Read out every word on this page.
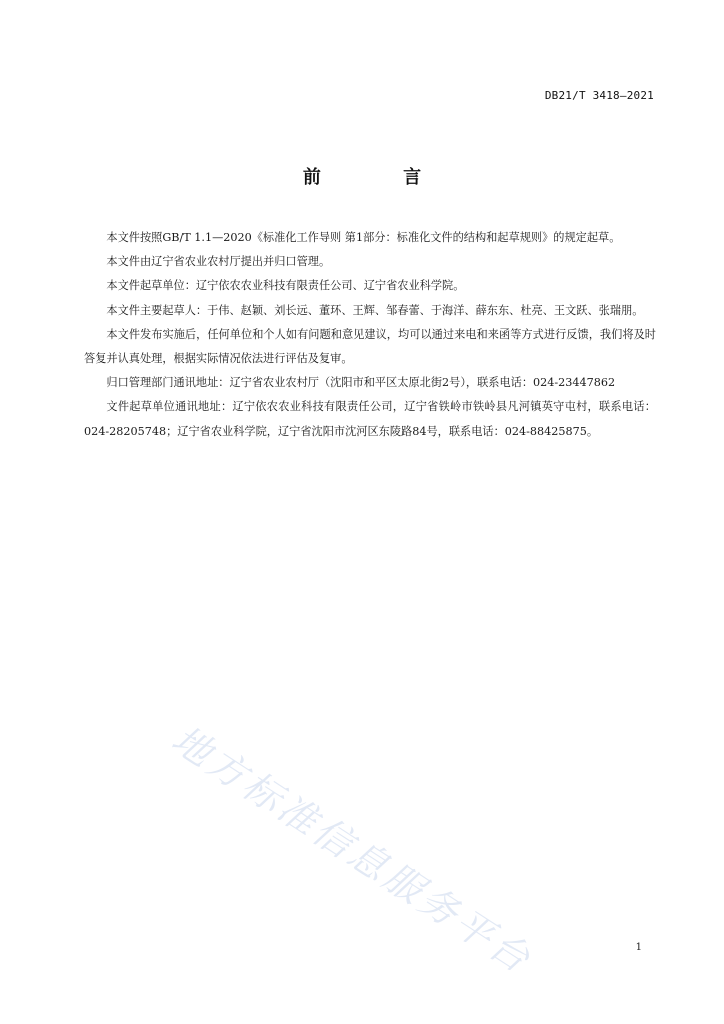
DB21/T 3418—2021
前 言

本文件按照GB/T 1.1—2020《标准化工作导则 第1部分：标准化文件的结构和起草规则》的规定起草。

本文件由辽宁省农业农村厅提出并归口管理。

本文件起草单位：辽宁依农农业科技有限责任公司、辽宁省农业科学院。

本文件主要起草人：于伟、赵颖、刘长远、董环、王辉、邹春蕾、于海洋、薛东东、杜亮、王文跃、张瑞朋。

本文件发布实施后，任何单位和个人如有问题和意见建议，均可以通过来电和来函等方式进行反馈，我们将及时答复并认真处理，根据实际情况依法进行评估及复审。

归口管理部门通讯地址：辽宁省农业农村厅（沈阳市和平区太原北街2号），联系电话：024-23447862

文件起草单位通讯地址：辽宁依农农业科技有限责任公司，辽宁省铁岭市铁岭县凡河镇英守屯村，联系电话：024-28205748；辽宁省农业科学院，辽宁省沈阳市沈河区东陵路84号，联系电话：024-88425875。

地方标准信息服务平台	1
